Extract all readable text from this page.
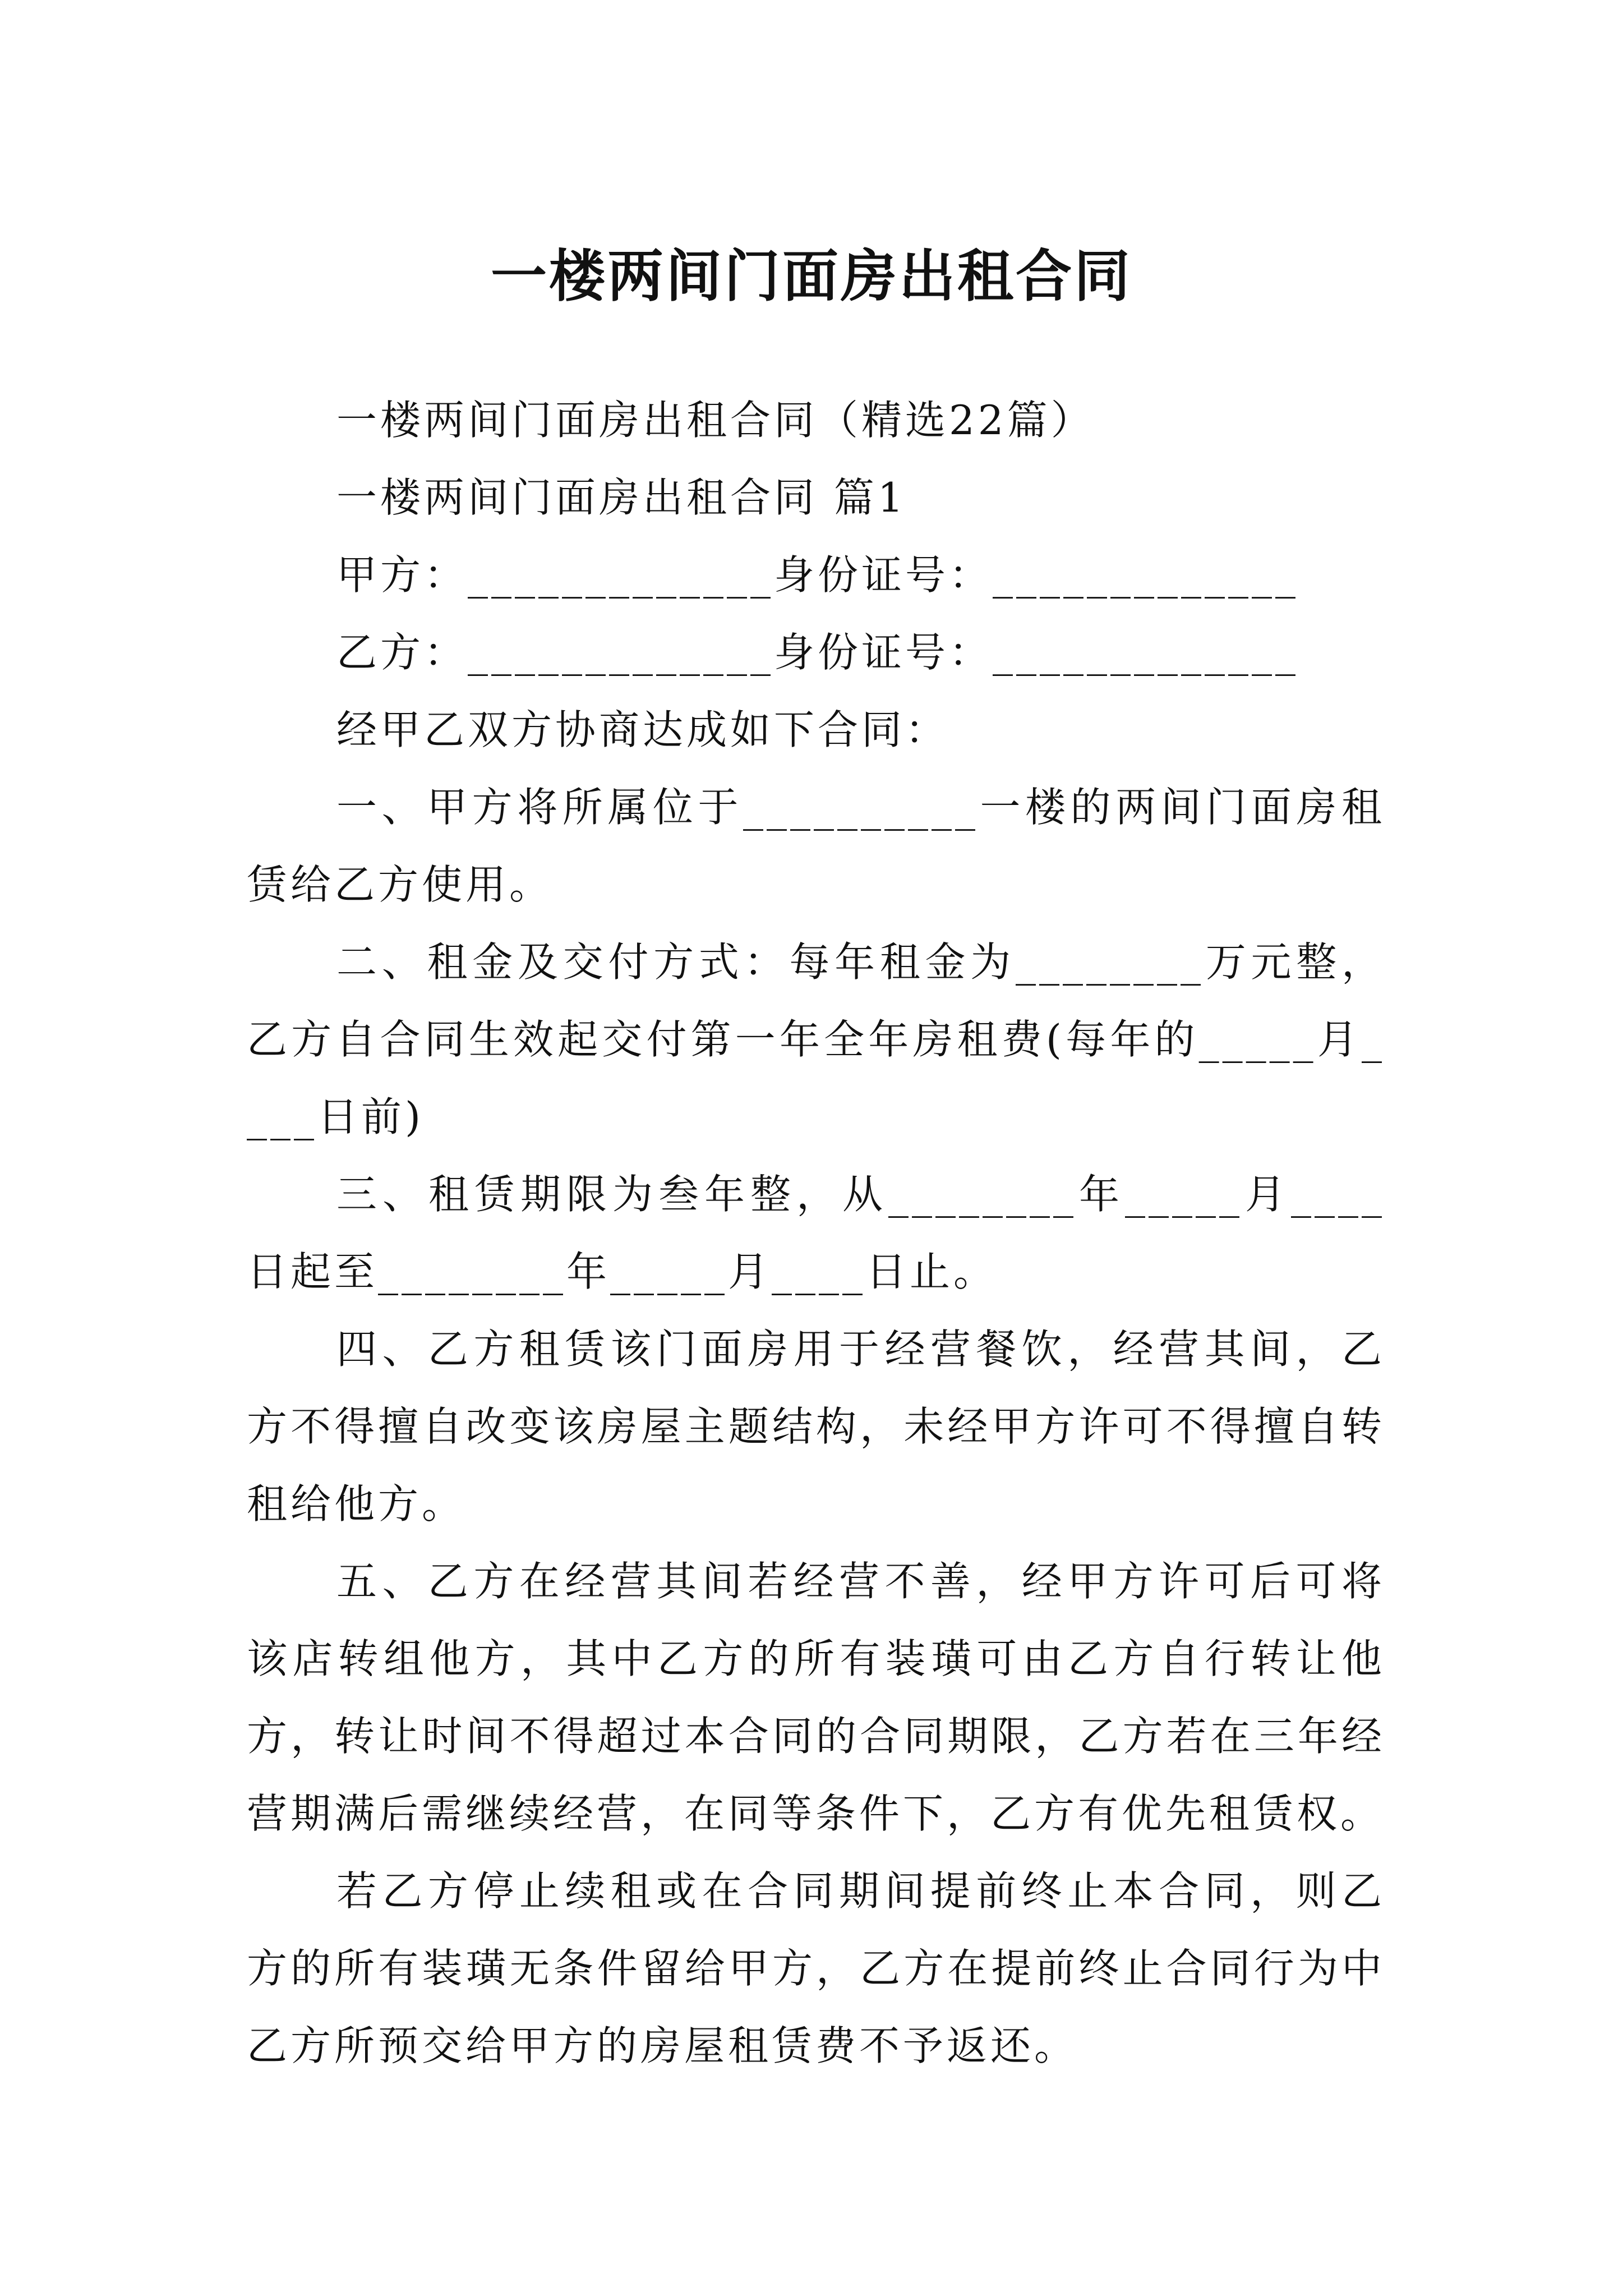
一楼两间门面房出租合同

一楼两间门面房出租合同（精选22篇）

一楼两间门面房出租合同 篇1

甲方：_____________身份证号：_____________

乙方：_____________身份证号：_____________

经甲乙双方协商达成如下合同：

一、甲方将所属位于__________一楼的两间门面房租赁给乙方使用。

二、租金及交付方式：每年租金为________万元整，乙方自合同生效起交付第一年全年房租费(每年的_____月____日前)

三、租赁期限为叁年整，从________年_____月____日起至________年_____月____日止。

四、乙方租赁该门面房用于经营餐饮，经营其间，乙方不得擅自改变该房屋主题结构，未经甲方许可不得擅自转租给他方。

五、乙方在经营其间若经营不善，经甲方许可后可将该店转组他方，其中乙方的所有装璜可由乙方自行转让他方，转让时间不得超过本合同的合同期限，乙方若在三年经营期满后需继续经营，在同等条件下，乙方有优先租赁权。

若乙方停止续租或在合同期间提前终止本合同，则乙方的所有装璜无条件留给甲方，乙方在提前终止合同行为中乙方所预交给甲方的房屋租赁费不予返还。
